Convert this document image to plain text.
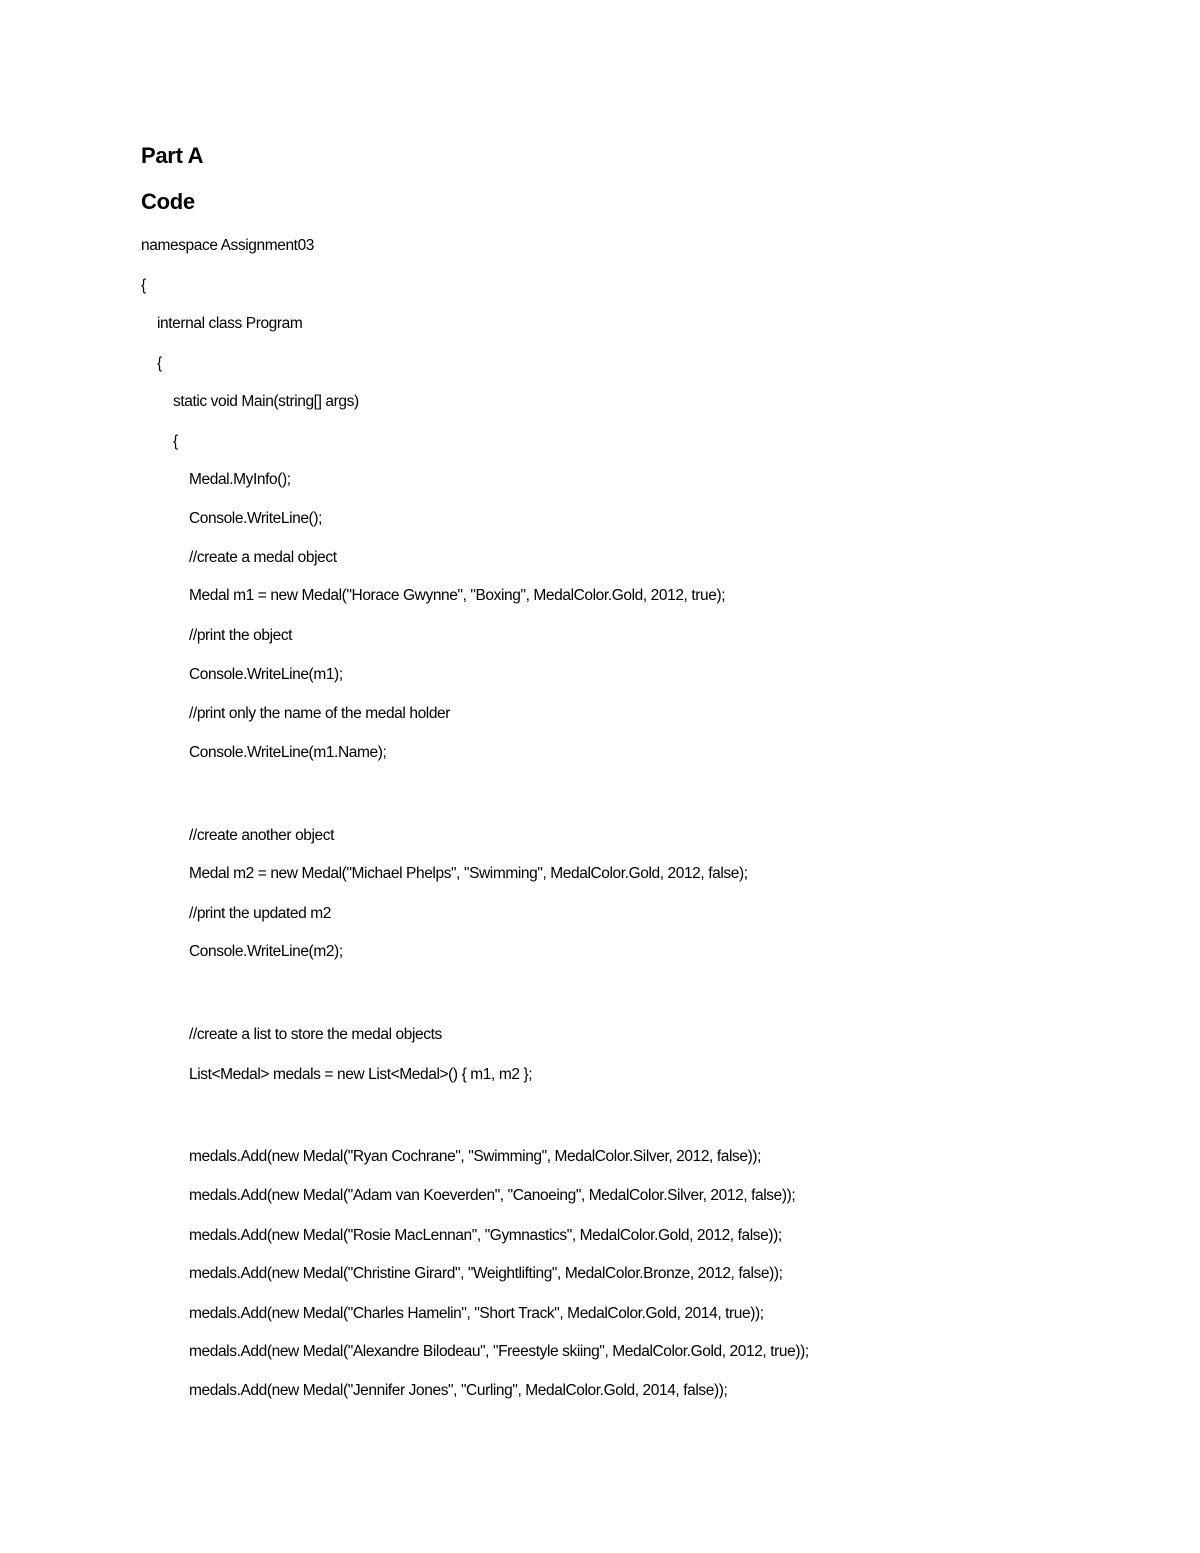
Part A
Code
namespace Assignment03
{
internal class Program
{
static void Main(string[] args)
{
Medal.MyInfo();
Console.WriteLine();
//create a medal object
Medal m1 = new Medal("Horace Gwynne", "Boxing", MedalColor.Gold, 2012, true);
//print the object
Console.WriteLine(m1);
//print only the name of the medal holder
Console.WriteLine(m1.Name);
//create another object
Medal m2 = new Medal("Michael Phelps", "Swimming", MedalColor.Gold, 2012, false);
//print the updated m2
Console.WriteLine(m2);
//create a list to store the medal objects
List<Medal> medals = new List<Medal>() { m1, m2 };
medals.Add(new Medal("Ryan Cochrane", "Swimming", MedalColor.Silver, 2012, false));
medals.Add(new Medal("Adam van Koeverden", "Canoeing", MedalColor.Silver, 2012, false));
medals.Add(new Medal("Rosie MacLennan", "Gymnastics", MedalColor.Gold, 2012, false));
medals.Add(new Medal("Christine Girard", "Weightlifting", MedalColor.Bronze, 2012, false));
medals.Add(new Medal("Charles Hamelin", "Short Track", MedalColor.Gold, 2014, true));
medals.Add(new Medal("Alexandre Bilodeau", "Freestyle skiing", MedalColor.Gold, 2012, true));
medals.Add(new Medal("Jennifer Jones", "Curling", MedalColor.Gold, 2014, false));
